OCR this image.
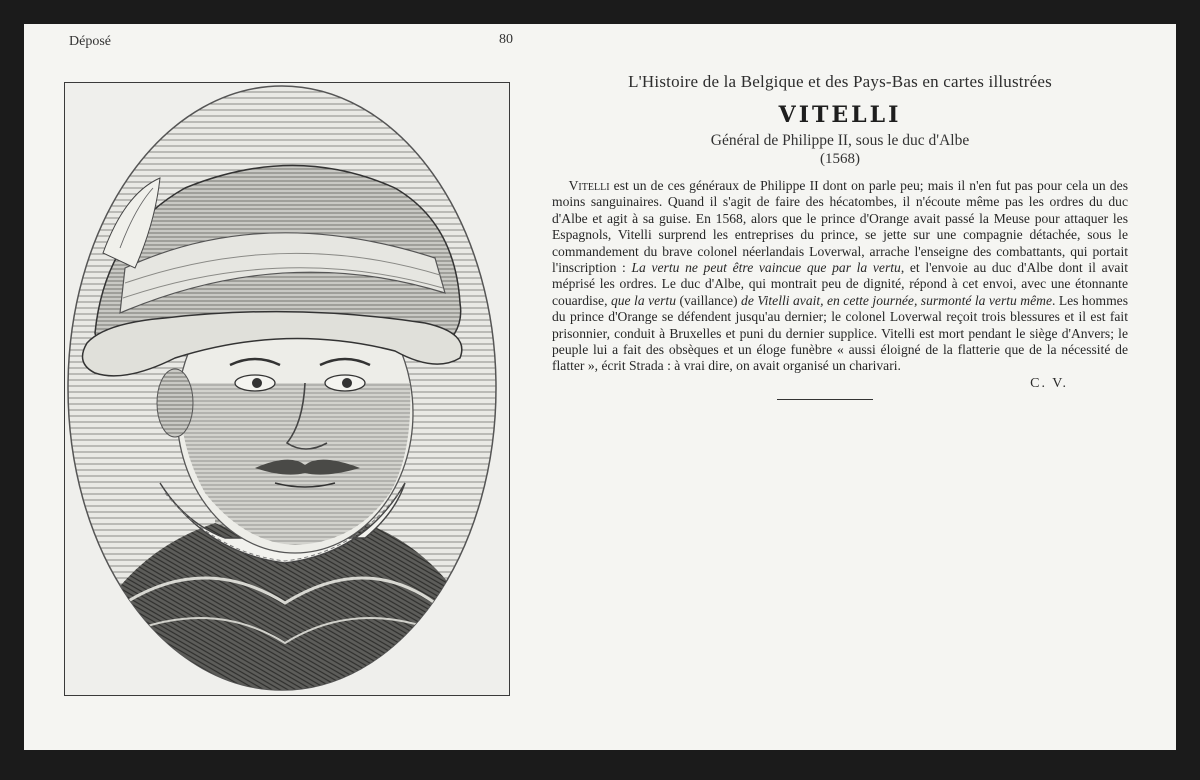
Déposé	80
L'Histoire de la Belgique et des Pays-Bas en cartes illustrées
VITELLI
Général de Philippe II, sous le duc d'Albe
(1568)
Vitelli est un de ces généraux de Philippe II dont on parle peu; mais il n'en fut pas pour cela un des moins sanguinaires. Quand il s'agit de faire des hécatombes, il n'écoute même pas les ordres du duc d'Albe et agit à sa guise. En 1568, alors que le prince d'Orange avait passé la Meuse pour attaquer les Espagnols, Vitelli surprend les entreprises du prince, se jette sur une compagnie détachée, sous le commandement du brave colonel néerlandais Loverwal, arrache l'enseigne des combattants, qui portait l'inscription : La vertu ne peut être vaincue que par la vertu, et l'envoie au duc d'Albe dont il avait méprisé les ordres. Le duc d'Albe, qui montrait peu de dignité, répond à cet envoi, avec une étonnante couardise, que la vertu (vaillance) de Vitelli avait, en cette journée, surmonté la vertu même. Les hommes du prince d'Orange se défendent jusqu'au dernier; le colonel Loverwal reçoit trois blessures et il est fait prisonnier, conduit à Bruxelles et puni du dernier supplice. Vitelli est mort pendant le siège d'Anvers; le peuple lui a fait des obsèques et un éloge funèbre « aussi éloigné de la flatterie que de la nécessité de flatter », écrit Strada : à vrai dire, on avait organisé un charivari.
C. V.
